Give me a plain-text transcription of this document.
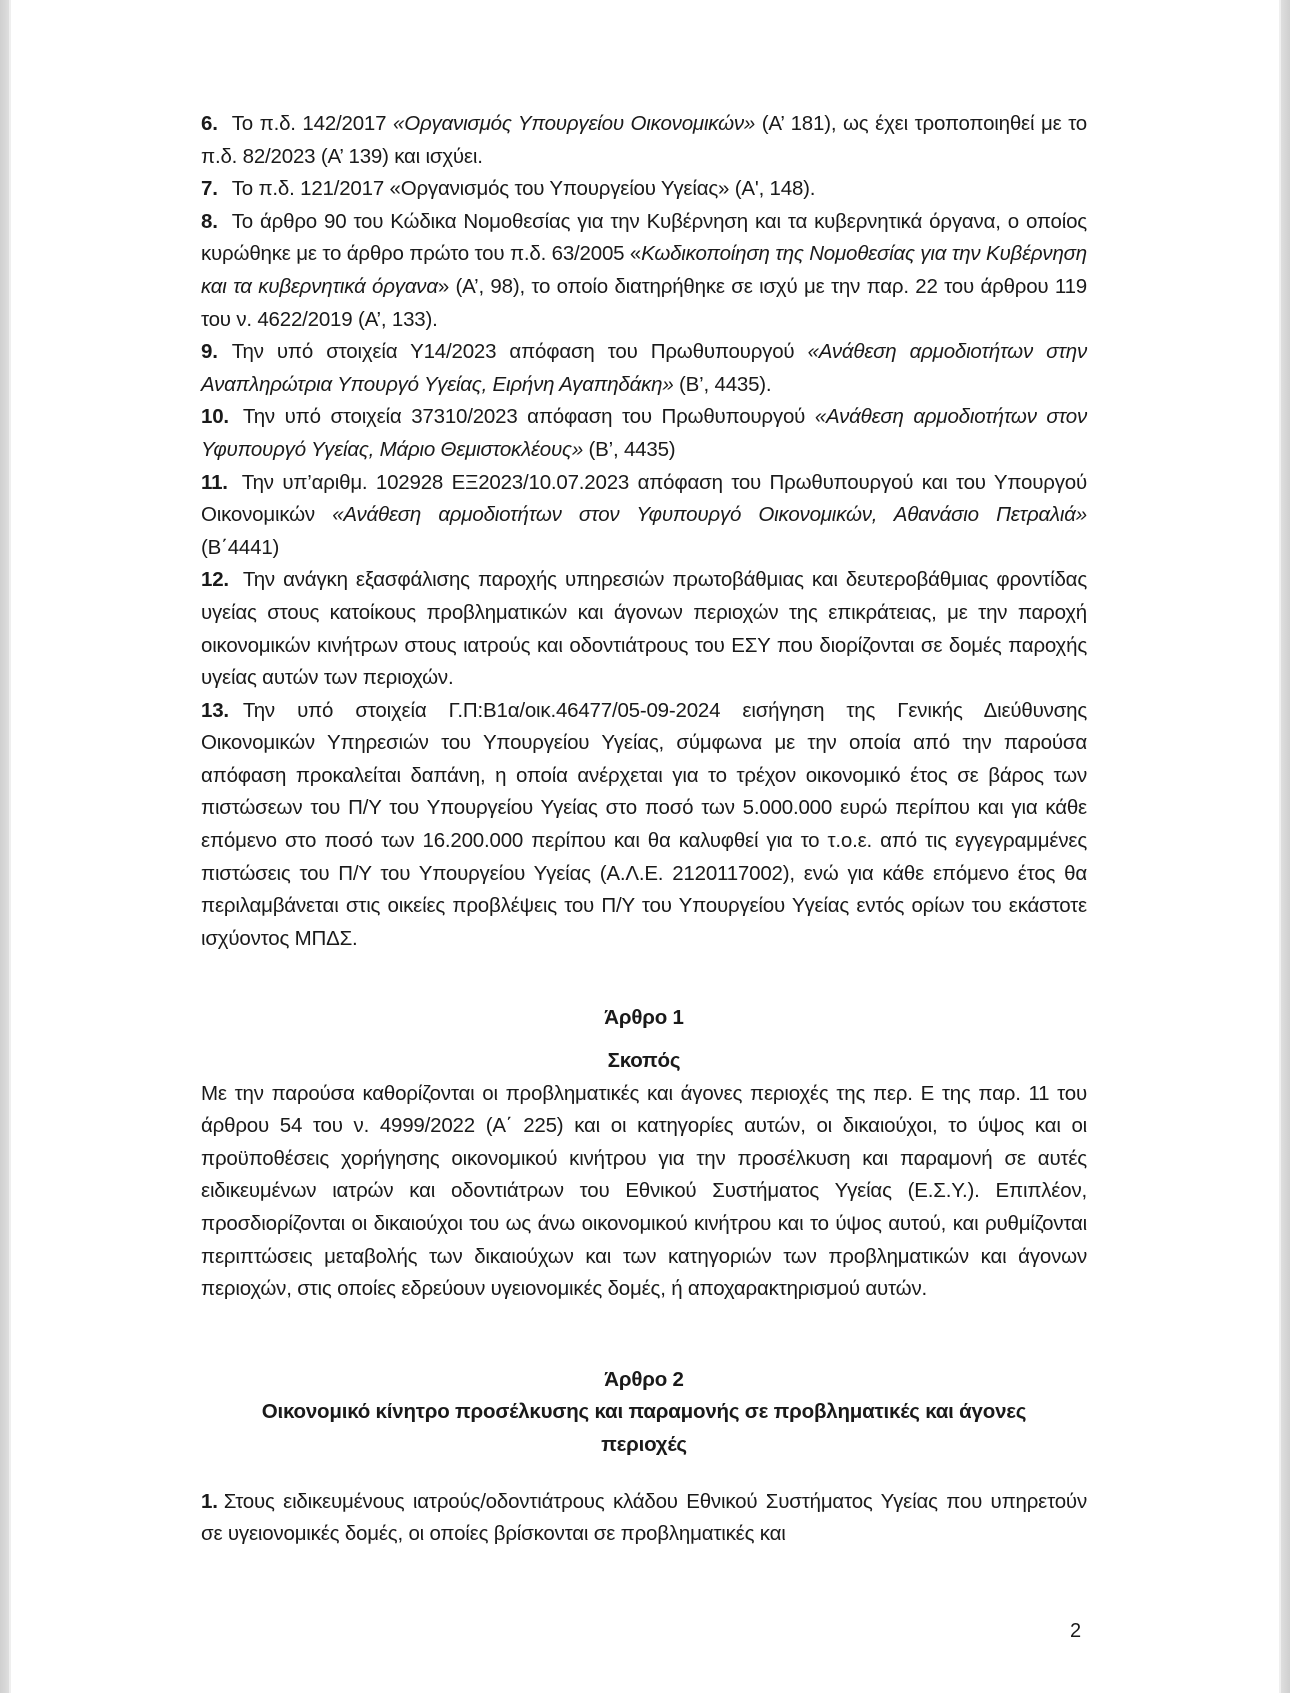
6. Το π.δ. 142/2017 «Οργανισμός Υπουργείου Οικονομικών» (Α’ 181), ως έχει τροποποιηθεί με το π.δ. 82/2023 (Α’ 139) και ισχύει.

7. Το π.δ. 121/2017 «Οργανισμός του Υπουργείου Υγείας» (Α', 148).

8. Το άρθρο 90 του Κώδικα Νομοθεσίας για την Κυβέρνηση και τα κυβερνητικά όργανα, ο οποίος κυρώθηκε με το άρθρο πρώτο του π.δ. 63/2005 «Κωδικοποίηση της Νομοθεσίας για την Κυβέρνηση και τα κυβερνητικά όργανα» (Α’, 98), το οποίο διατηρήθηκε σε ισχύ με την παρ. 22 του άρθρου 119 του ν. 4622/2019 (Α’, 133).

9. Την υπό στοιχεία Υ14/2023 απόφαση του Πρωθυπουργού «Ανάθεση αρμοδιοτήτων στην Αναπληρώτρια Υπουργό Υγείας, Ειρήνη Αγαπηδάκη» (Β’, 4435).

10. Την υπό στοιχεία 37310/2023 απόφαση του Πρωθυπουργού «Ανάθεση αρμοδιοτήτων στον Υφυπουργό Υγείας, Μάριο Θεμιστοκλέους» (Β’, 4435)

11. Την υπ’αριθμ. 102928 ΕΞ2023/10.07.2023 απόφαση του Πρωθυπουργού και του Υπουργού Οικονομικών «Ανάθεση αρμοδιοτήτων στον Υφυπουργό Οικονομικών, Αθανάσιο Πετραλιά» (Β΄4441)

12. Την ανάγκη εξασφάλισης παροχής υπηρεσιών πρωτοβάθμιας και δευτεροβάθμιας φροντίδας υγείας στους κατοίκους προβληματικών και άγονων περιοχών της επικράτειας, με την παροχή οικονομικών κινήτρων στους ιατρούς και οδοντιάτρους του ΕΣΥ που διορίζονται σε δομές παροχής υγείας αυτών των περιοχών.

13. Την υπό στοιχεία Γ.Π:Β1α/οικ.46477/05-09-2024 εισήγηση της Γενικής Διεύθυνσης Οικονομικών Υπηρεσιών του Υπουργείου Υγείας, σύμφωνα με την οποία από την παρούσα απόφαση προκαλείται δαπάνη, η οποία ανέρχεται για το τρέχον οικονομικό έτος σε βάρος των πιστώσεων του Π/Υ του Υπουργείου Υγείας στο ποσό των 5.000.000 ευρώ περίπου και για κάθε επόμενο στο ποσό των 16.200.000 περίπου και θα καλυφθεί για το τ.ο.ε. από τις εγγεγραμμένες πιστώσεις του Π/Υ του Υπουργείου Υγείας (Α.Λ.Ε. 2120117002), ενώ για κάθε επόμενο έτος θα περιλαμβάνεται στις οικείες προβλέψεις του Π/Υ του Υπουργείου Υγείας εντός ορίων του εκάστοτε ισχύοντος ΜΠΔΣ.

Άρθρο 1

Σκοπός

Με την παρούσα καθορίζονται οι προβληματικές και άγονες περιοχές της περ. Ε της παρ. 11 του άρθρου 54 του ν. 4999/2022 (Α΄ 225) και οι κατηγορίες αυτών, οι δικαιούχοι, το ύψος και οι προϋποθέσεις χορήγησης οικονομικού κινήτρου για την προσέλκυση και παραμονή σε αυτές ειδικευμένων ιατρών και οδοντιάτρων του Εθνικού Συστήματος Υγείας (Ε.Σ.Υ.). Επιπλέον, προσδιορίζονται οι δικαιούχοι του ως άνω οικονομικού κινήτρου και το ύψος αυτού, και ρυθμίζονται περιπτώσεις μεταβολής των δικαιούχων και των κατηγοριών των προβληματικών και άγονων περιοχών, στις οποίες εδρεύουν υγειονομικές δομές, ή αποχαρακτηρισμού αυτών.

Άρθρο 2

Οικονομικό κίνητρο προσέλκυσης και παραμονής σε προβληματικές και άγονες περιοχές

1. Στους ειδικευμένους ιατρούς/οδοντιάτρους κλάδου Εθνικού Συστήματος Υγείας που υπηρετούν σε υγειονομικές δομές, οι οποίες βρίσκονται σε προβληματικές και

2
